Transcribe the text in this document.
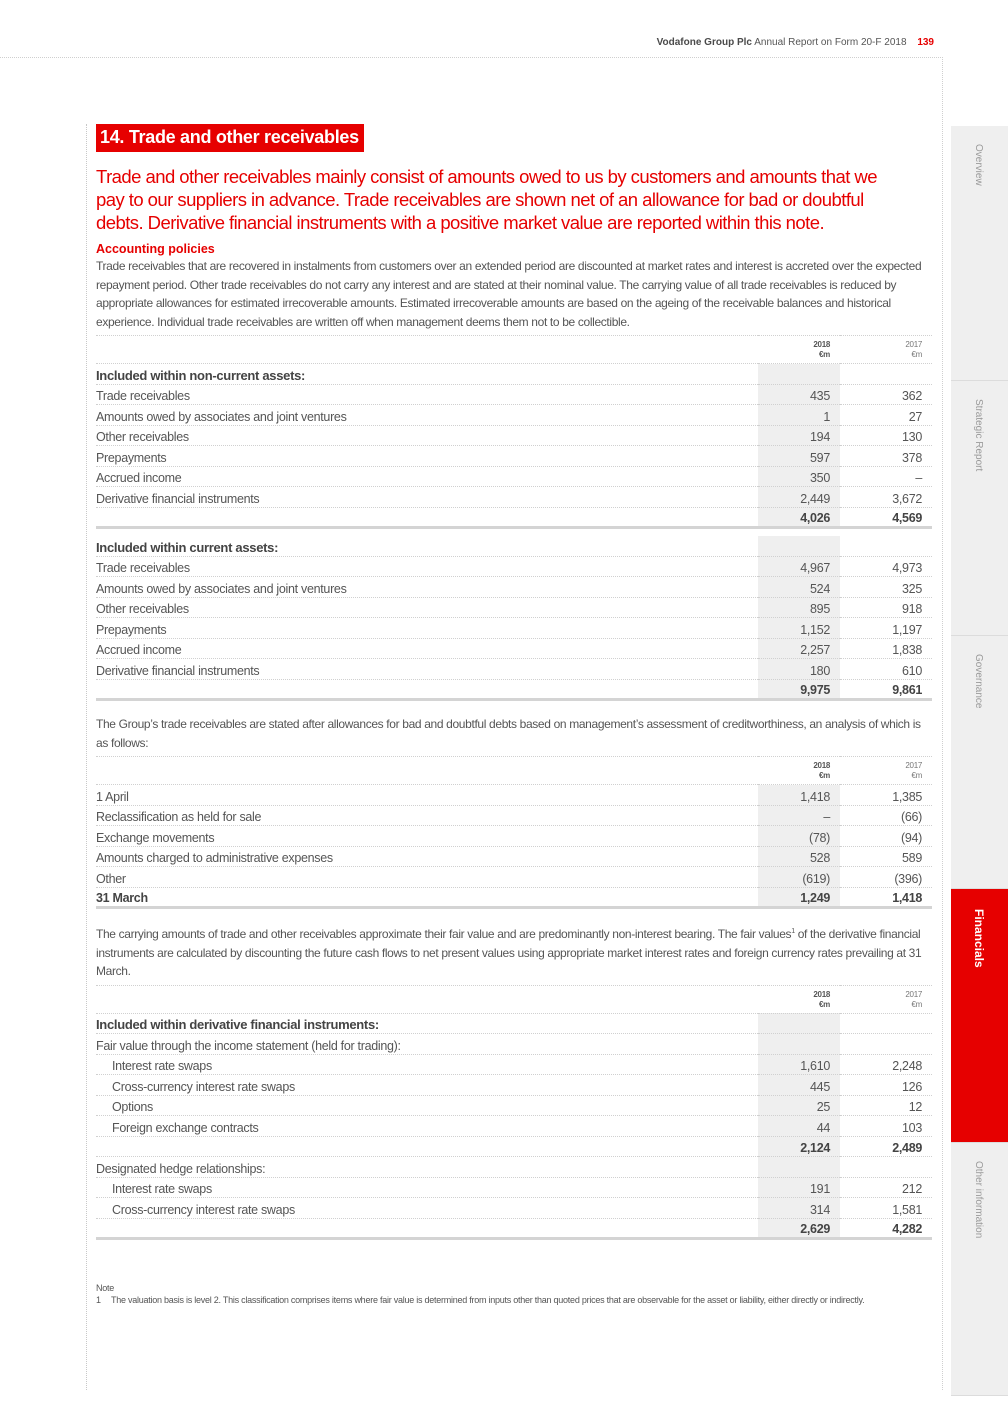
Vodafone Group Plc Annual Report on Form 20-F 2018 139
Overview
Strategic Report
Governance
Financials
Other information
14. Trade and other receivables

Trade and other receivables mainly consist of amounts owed to us by customers and amounts that we pay to our suppliers in advance. Trade receivables are shown net of an allowance for bad or doubtful debts. Derivative financial instruments with a positive market value are reported within this note.

Accounting policies

Trade receivables that are recovered in instalments from customers over an extended period are discounted at market rates and interest is accreted over the expected repayment period. Other trade receivables do not carry any interest and are stated at their nominal value. The carrying value of all trade receivables is reduced by appropriate allowances for estimated irrecoverable amounts. Estimated irrecoverable amounts are based on the ageing of the receivable balances and historical experience. Individual trade receivables are written off when management deems them not to be collectible.

	2018
€m	2017
€m
Included within non-current assets:		
Trade receivables	435	362
Amounts owed by associates and joint ventures	1	27
Other receivables	194	130
Prepayments	597	378
Accrued income	350	–
Derivative financial instruments	2,449	3,672
	4,026	4,569

Included within current assets:		
Trade receivables	4,967	4,973
Amounts owed by associates and joint ventures	524	325
Other receivables	895	918
Prepayments	1,152	1,197
Accrued income	2,257	1,838
Derivative financial instruments	180	610
	9,975	9,861

The Group’s trade receivables are stated after allowances for bad and doubtful debts based on management’s assessment of creditworthiness, an analysis of which is as follows:

	2018
€m	2017
€m
1 April	1,418	1,385
Reclassification as held for sale	–	(66)
Exchange movements	(78)	(94)
Amounts charged to administrative expenses	528	589
Other	(619)	(396)
31 March	1,249	1,418

The carrying amounts of trade and other receivables approximate their fair value and are predominantly non-interest bearing. The fair values$^1$ of the derivative financial instruments are calculated by discounting the future cash flows to net present values using appropriate market interest rates and foreign currency rates prevailing at 31 March.

	2018
€m	2017
€m
Included within derivative financial instruments:		
Fair value through the income statement (held for trading):		
Interest rate swaps	1,610	2,248
Cross-currency interest rate swaps	445	126
Options	25	12
Foreign exchange contracts	44	103
	2,124	2,489
Designated hedge relationships:		
Interest rate swaps	191	212
Cross-currency interest rate swaps	314	1,581
	2,629	4,282
Note
1	The valuation basis is level 2. This classification comprises items where fair value is determined from inputs other than quoted prices that are observable for the asset or liability, either directly or indirectly.
